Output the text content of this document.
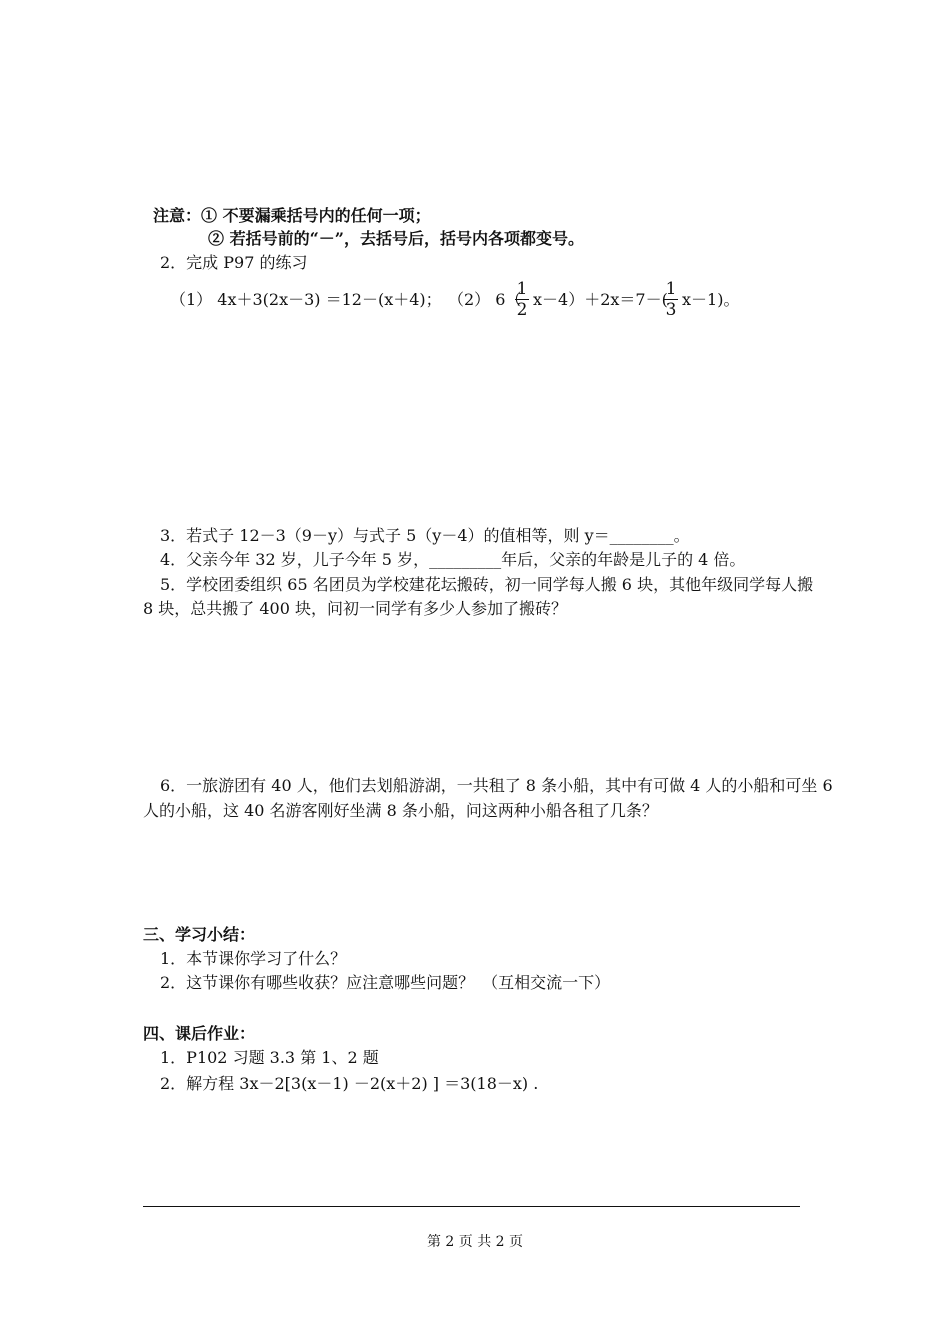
注意：① 不要漏乘括号内的任何一项；
② 若括号前的“－”，去括号后，括号内各项都变号。
2．完成 P97 的练习
（1） 4x＋3(2x－3) ＝12－(x＋4)； （2） 6（
1
2
x－4）＋2x＝7－(
1
3
x－1)。
3．若式子 12－3（9－y）与式子 5（y－4）的值相等，则 y＝________。
4．父亲今年 32 岁，儿子今年 5 岁，_________年后，父亲的年龄是儿子的 4 倍。
5．学校团委组织 65 名团员为学校建花坛搬砖，初一同学每人搬 6 块，其他年级同学每人搬
8 块，总共搬了 400 块，问初一同学有多少人参加了搬砖？
6．一旅游团有 40 人，他们去划船游湖，一共租了 8 条小船，其中有可做 4 人的小船和可坐 6
人的小船，这 40 名游客刚好坐满 8 条小船，问这两种小船各租了几条？
三、学习小结：
1．本节课你学习了什么？
2．这节课你有哪些收获？应注意哪些问题？　（互相交流一下）
四、课后作业：
1．P102 习题 3.3 第 1、2 题
2．解方程 3x－2[3(x－1) －2(x＋2) ] ＝3(18－x) .
第 2 页 共 2 页
